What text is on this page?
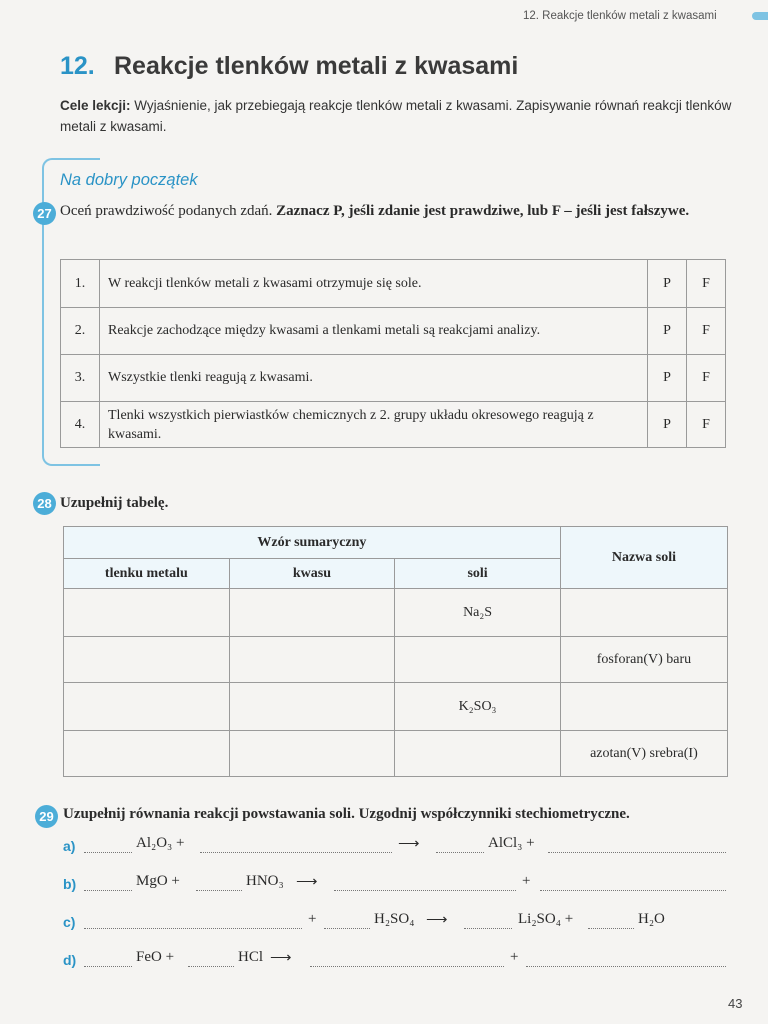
12. Reakcje tlenków metali z kwasami
12. Reakcje tlenków metali z kwasami
Cele lekcji: Wyjaśnienie, jak przebiegają reakcje tlenków metali z kwasami. Zapisywanie równań reakcji tlenków metali z kwasami.
Na dobry początek
27 Oceń prawdziwość podanych zdań. Zaznacz P, jeśli zdanie jest prawdziwe, lub F – jeśli jest fałszywe.
1.	W reakcji tlenków metali z kwasami otrzymuje się sole.	P	F
2.	Reakcje zachodzące między kwasami a tlenkami metali są reakcjami analizy.	P	F
3.	Wszystkie tlenki reagują z kwasami.	P	F
4.	Tlenki wszystkich pierwiastków chemicznych z 2. grupy układu okresowego reagują z kwasami.	P	F
28 Uzupełnij tabelę.
Wzór sumaryczny			Nazwa soli
tlenku metalu	kwasu	soli	
		Na₂S	
			fosforan(V) baru
		K₂SO₃	
			azotan(V) srebra(I)
29 Uzupełnij równania reakcji powstawania soli. Uzgodnij współczynniki stechiometryczne.
a)	Al₂O₃ +	⟶	AlCl₃ +
b)	MgO +	HNO₃ ⟶	+
c)	+	H₂SO₄ ⟶	Li₂SO₄ +	H₂O
d)	FeO +	HCl ⟶	+
43
